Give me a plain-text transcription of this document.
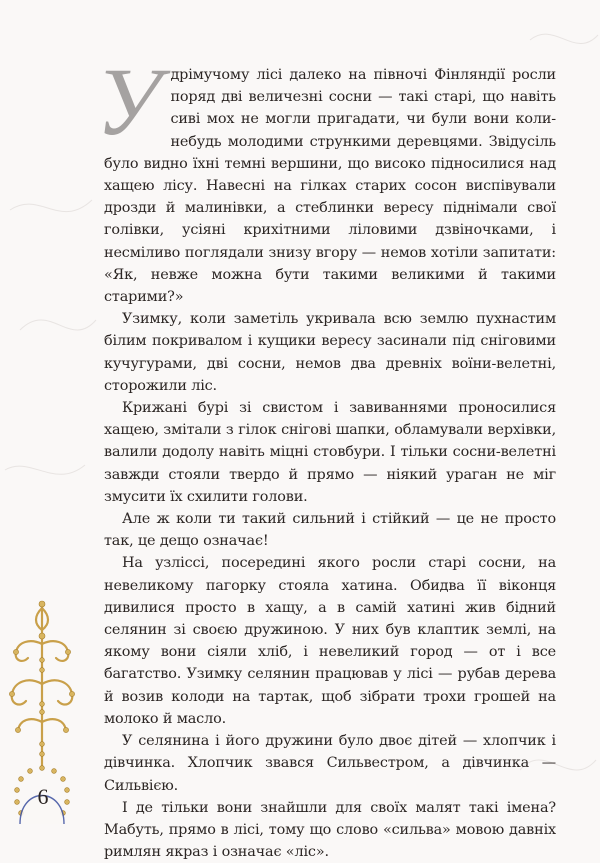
Удрімучому лісі далеко на півночі Фінляндії росли поряд дві величезні сосни — такі старі, що навіть сиві мох не могли пригадати, чи були вони коли-небудь молодими стрункими деревцями. Звідусіль було видно їхні темні вершини, що високо підносилися над хащею лісу. Навесні на гілках старих сосон виспівували дрозди й малинівки, а стеблинки вересу піднімали свої голівки, усіяні крихітними ліловими дзвіночками, і несміливо поглядали знизу вгору — немов хотіли запитати: «Як, невже можна бути такими великими й такими старими?»

Узимку, коли заметіль укривала всю землю пухнастим білим покривалом і кущики вересу засинали під сніговими кучугурами, дві сосни, немов два древніх воїни-велетні, сторожили ліс.

Крижані бурі зі свистом і завиваннями проносилися хащею, змітали з гілок снігові шапки, обламували верхівки, валили додолу навіть міцні стовбури. І тільки сосни-велетні завжди стояли твердо й прямо — ніякий ураган не міг змусити їх схилити голови.

Але ж коли ти такий сильний і стійкий — це не просто так, це дещо означає!

На узліссі, посередині якого росли старі сосни, на невеликому пагорку стояла хатина. Обидва її віконця дивилися просто в хащу, а в самій хатині жив бідний селянин зі своєю дружиною. У них був клаптик землі, на якому вони сіяли хліб, і невеликий город — от і все багатство. Узимку селянин працював у лісі — рубав дерева й возив колоди на тартак, щоб зібрати трохи грошей на молоко й масло.

У селянина і його дружини було двоє дітей — хлопчик і дівчинка. Хлопчик звався Сильвестром, а дівчинка — Сильвією.

І де тільки вони знайшли для своїх малят такі імена? Мабуть, прямо в лісі, тому що слово «сильва» мовою давніх римлян якраз і означає «ліс».

6
